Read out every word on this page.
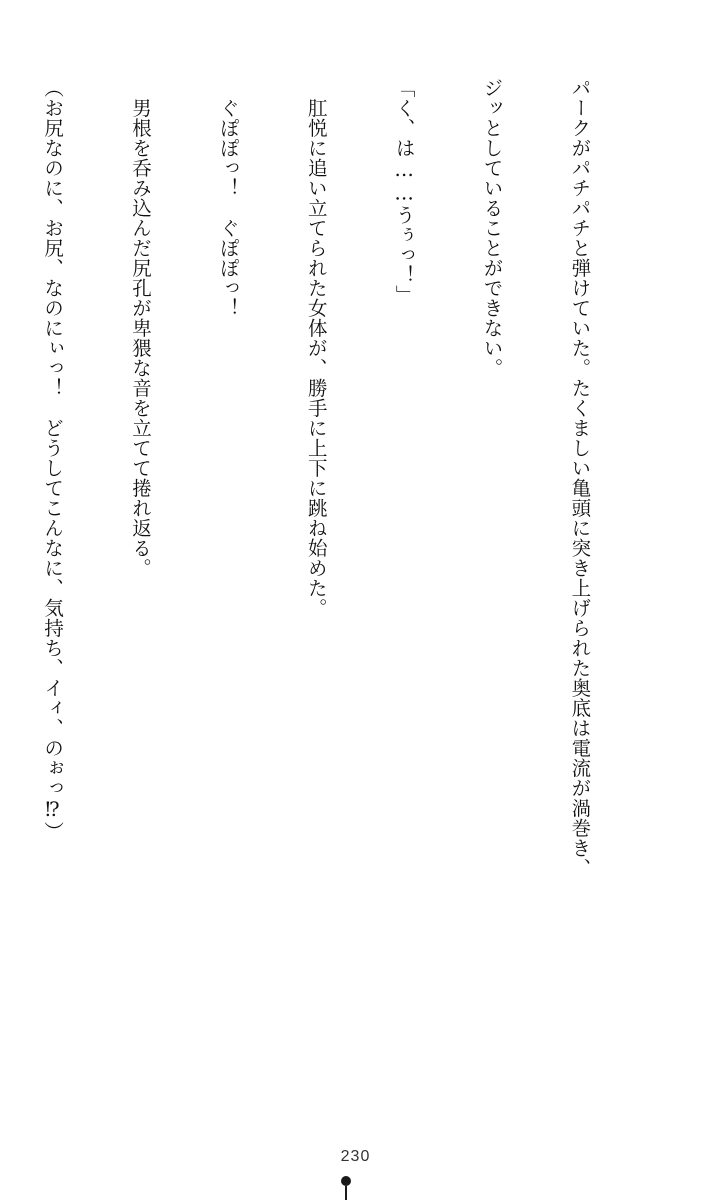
パークがパチパチと弾けていた。たくましい亀頭に突き上げられた奥底は電流が渦巻き、

ジッとしていることができない。

「く、は……うぅっ！」

　肛悦に追い立てられた女体が、勝手に上下に跳ね始めた。

　ぐぽぽっ！　ぐぽぽっ！

　男根を呑み込んだ尻孔が卑猥な音を立てて捲れ返る。

（お尻なのに、お尻、なのにぃっ！　どうしてこんなに、気持ち、イィ、のぉっ⁉）

230
